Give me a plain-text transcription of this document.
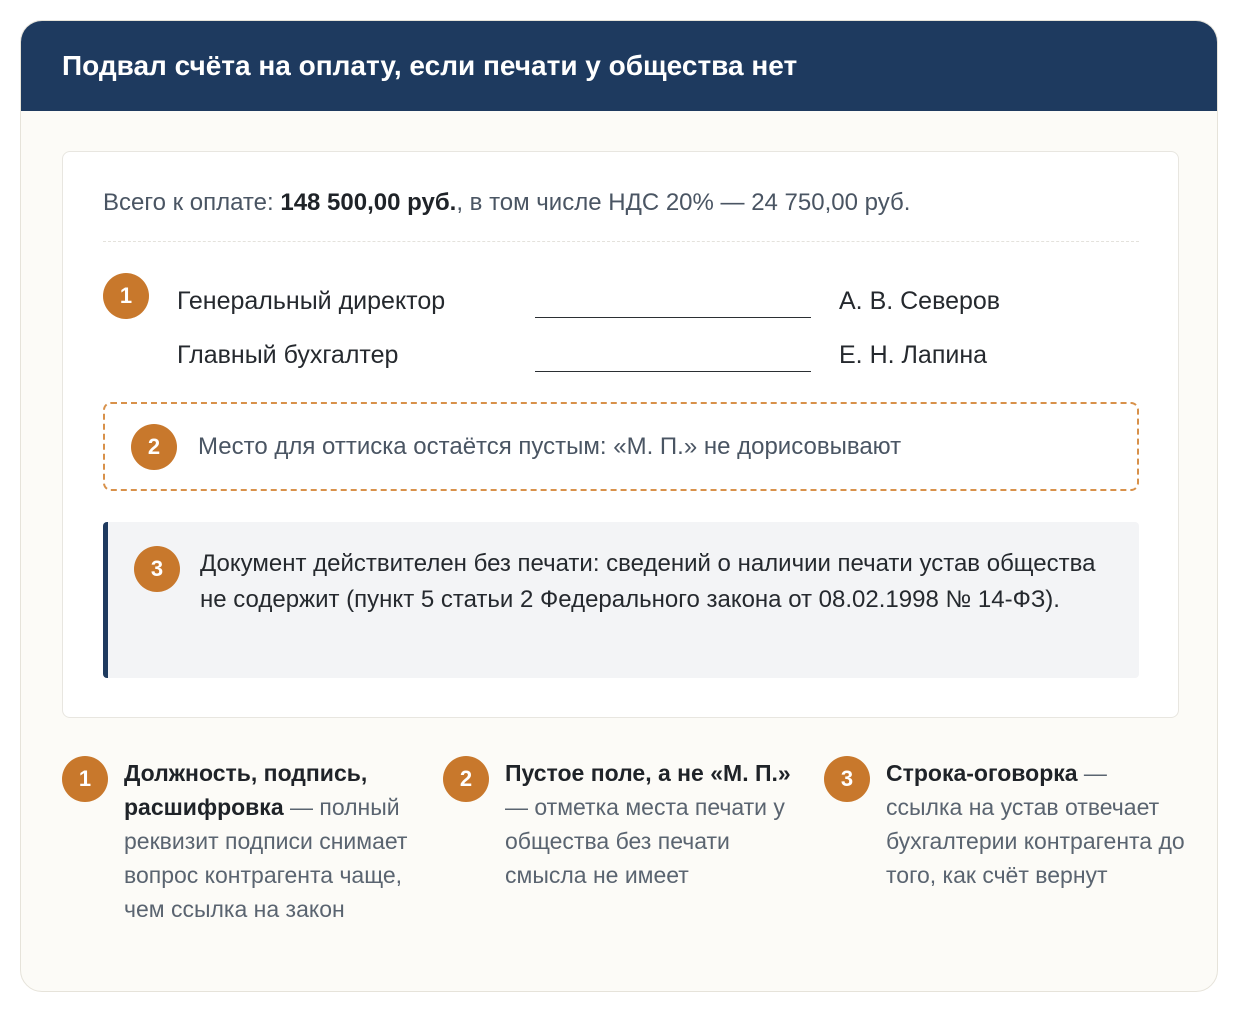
Подвал счёта на оплату, если печати у общества нет
Всего к оплате: 148 500,00 руб., в том числе НДС 20% — 24 750,00 руб.
1	Генеральный директор	А. В. Северов
Главный бухгалтер	Е. Н. Лапина
2	Место для оттиска остаётся пустым: «М. П.» не дорисовывают
3	Документ действителен без печати: сведений о наличии печати устав общества не содержит (пункт 5 статьи 2 Федерального закона от 08.02.1998 № 14-ФЗ).
1	Должность, подпись, расшифровка — полный реквизит подписи снимает вопрос контрагента чаще, чем ссылка на закон
2	Пустое поле, а не «М. П.» — отметка места печати у общества без печати смысла не имеет
3	Строка-оговорка — ссылка на устав отвечает бухгалтерии контрагента до того, как счёт вернут
